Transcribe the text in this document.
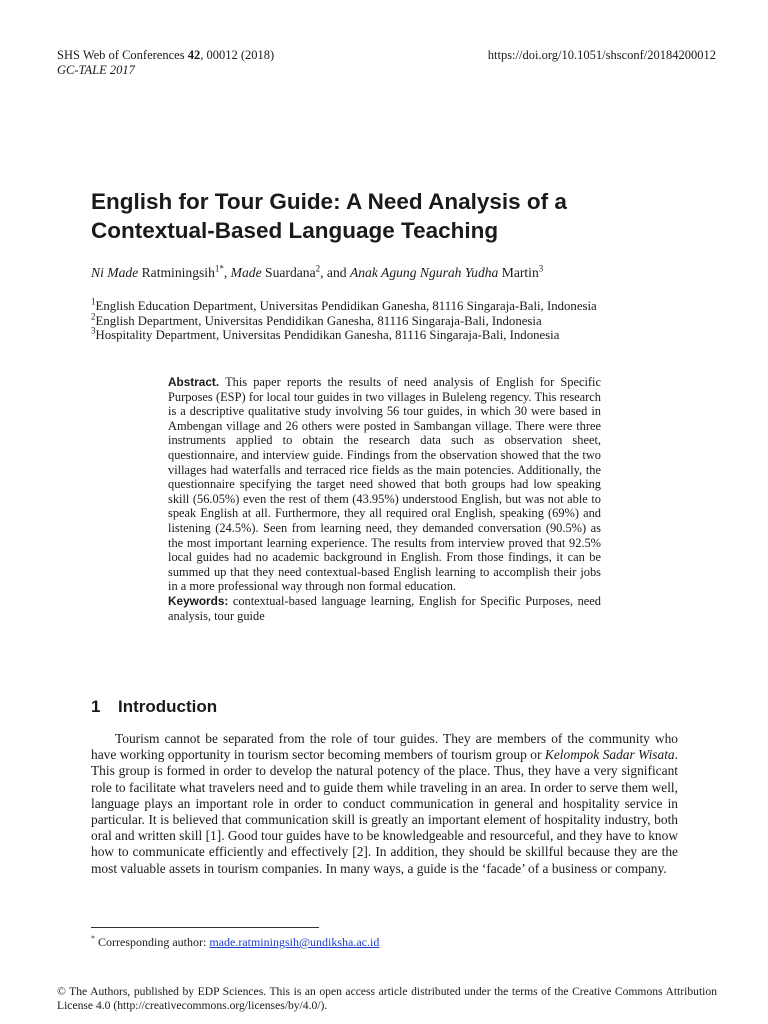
SHS Web of Conferences 42, 00012 (2018)
GC-TALE 2017
https://doi.org/10.1051/shsconf/20184200012
English for Tour Guide: A Need Analysis of a Contextual-Based Language Teaching
Ni Made Ratminingsih$^{1*}$, Made Suardana$^2$, and Anak Agung Ngurah Yudha Martin$^3$
$^1$English Education Department, Universitas Pendidikan Ganesha, 81116 Singaraja-Bali, Indonesia
$^2$English Department, Universitas Pendidikan Ganesha, 81116 Singaraja-Bali, Indonesia
$^3$Hospitality Department, Universitas Pendidikan Ganesha, 81116 Singaraja-Bali, Indonesia
Abstract. This paper reports the results of need analysis of English for Specific Purposes (ESP) for local tour guides in two villages in Buleleng regency. This research is a descriptive qualitative study involving 56 tour guides, in which 30 were based in Ambengan village and 26 others were posted in Sambangan village. There were three instruments applied to obtain the research data such as observation sheet, questionnaire, and interview guide. Findings from the observation showed that the two villages had waterfalls and terraced rice fields as the main potencies. Additionally, the questionnaire specifying the target need showed that both groups had low speaking skill (56.05%) even the rest of them (43.95%) understood English, but was not able to speak English at all. Furthermore, they all required oral English, speaking (69%) and listening (24.5%). Seen from learning need, they demanded conversation (90.5%) as the most important learning experience. The results from interview proved that 92.5% local guides had no academic background in English. From those findings, it can be summed up that they need contextual-based English learning to accomplish their jobs in a more professional way through non formal education.
Keywords: contextual-based language learning, English for Specific Purposes, need analysis, tour guide
1 Introduction
Tourism cannot be separated from the role of tour guides. They are members of the community who have working opportunity in tourism sector becoming members of tourism group or Kelompok Sadar Wisata. This group is formed in order to develop the natural potency of the place. Thus, they have a very significant role to facilitate what travelers need and to guide them while traveling in an area. In order to serve them well, language plays an important role in order to conduct communication in general and hospitality service in particular. It is believed that communication skill is greatly an important element of hospitality industry, both oral and written skill [1]. Good tour guides have to be knowledgeable and resourceful, and they have to know how to communicate efficiently and effectively [2]. In addition, they should be skillful because they are the most valuable assets in tourism companies. In many ways, a guide is the ‘facade’ of a business or company.
* Corresponding author: made.ratminingsih@undiksha.ac.id
© The Authors, published by EDP Sciences. This is an open access article distributed under the terms of the Creative Commons Attribution License 4.0 (http://creativecommons.org/licenses/by/4.0/).
